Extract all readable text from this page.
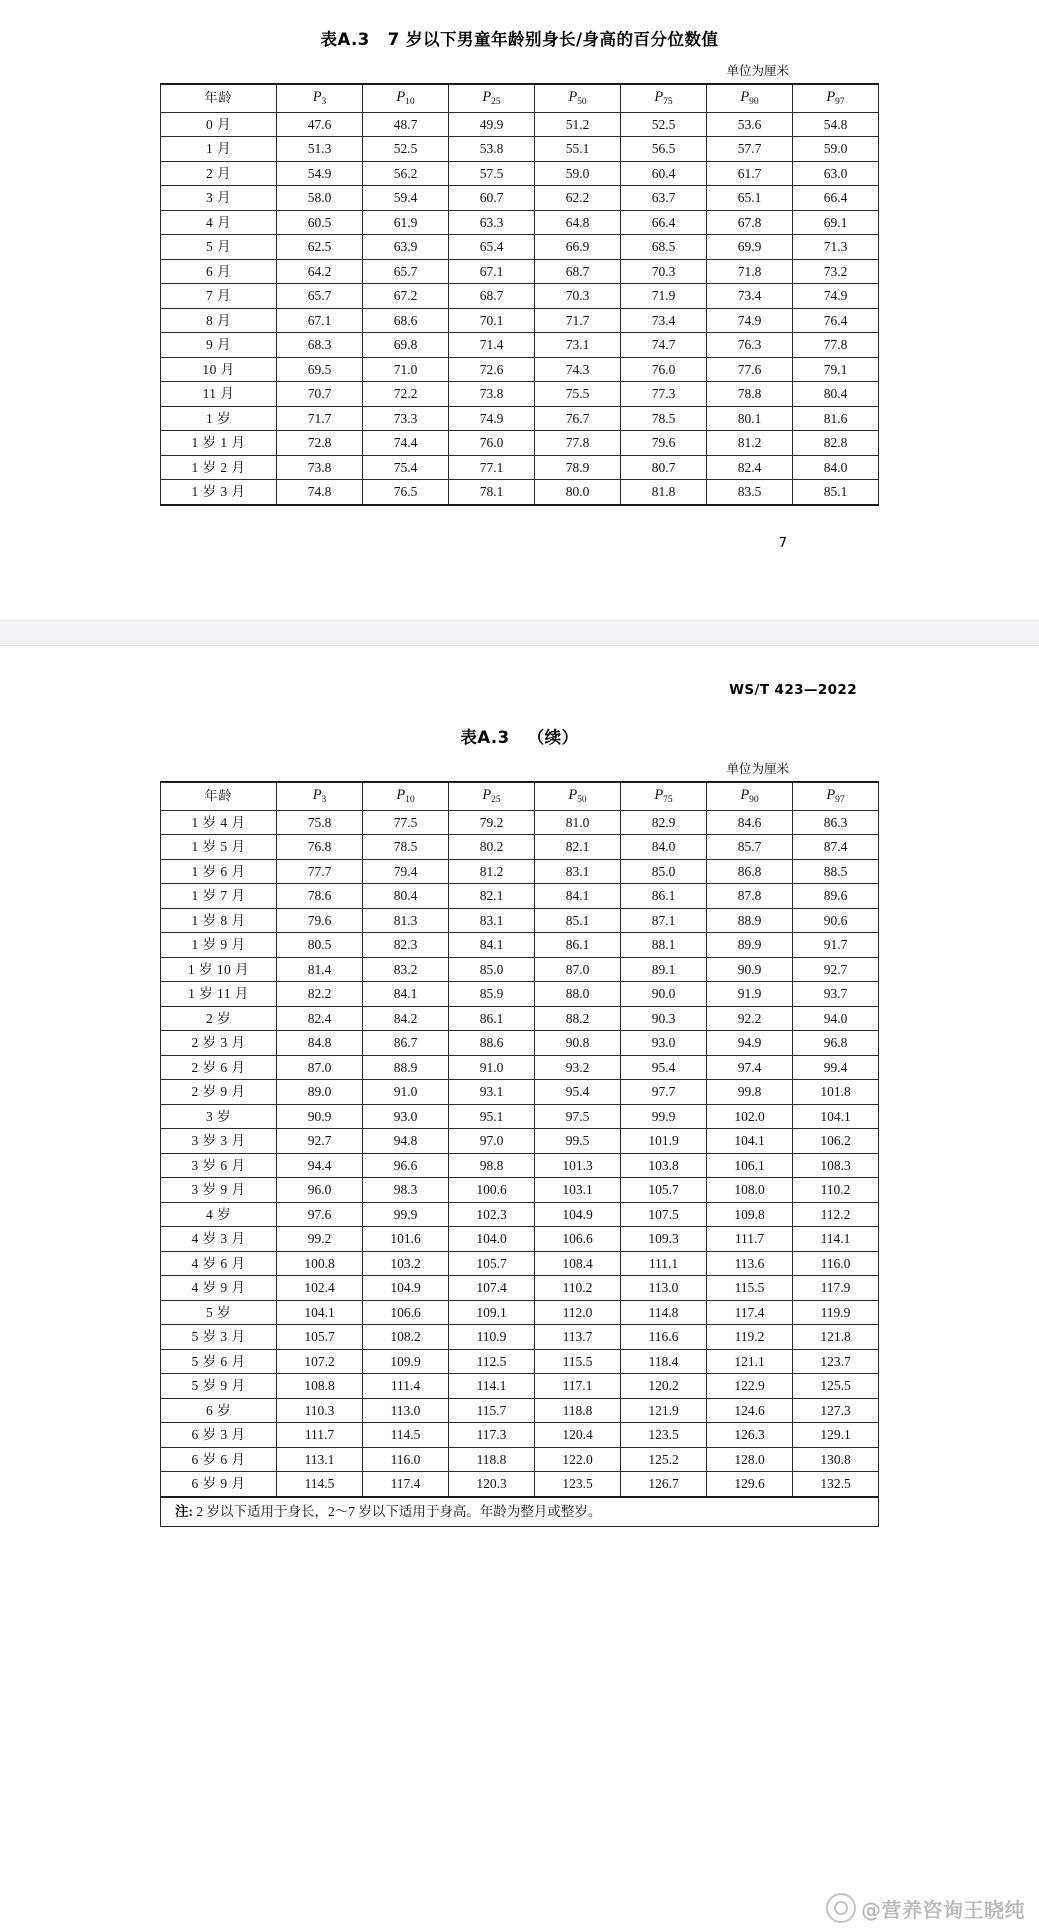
表A.3 7 岁以下男童年龄别身长/身高的百分位数值
单位为厘米
年龄	$P_3$	$P_{10}$	$P_{25}$	$P_{50}$	$P_{75}$	$P_{90}$	$P_{97}$
0 月	47.6	48.7	49.9	51.2	52.5	53.6	54.8
1 月	51.3	52.5	53.8	55.1	56.5	57.7	59.0
2 月	54.9	56.2	57.5	59.0	60.4	61.7	63.0
3 月	58.0	59.4	60.7	62.2	63.7	65.1	66.4
4 月	60.5	61.9	63.3	64.8	66.4	67.8	69.1
5 月	62.5	63.9	65.4	66.9	68.5	69.9	71.3
6 月	64.2	65.7	67.1	68.7	70.3	71.8	73.2
7 月	65.7	67.2	68.7	70.3	71.9	73.4	74.9
8 月	67.1	68.6	70.1	71.7	73.4	74.9	76.4
9 月	68.3	69.8	71.4	73.1	74.7	76.3	77.8
10 月	69.5	71.0	72.6	74.3	76.0	77.6	79.1
11 月	70.7	72.2	73.8	75.5	77.3	78.8	80.4
1 岁	71.7	73.3	74.9	76.7	78.5	80.1	81.6
1 岁 1 月	72.8	74.4	76.0	77.8	79.6	81.2	82.8
1 岁 2 月	73.8	75.4	77.1	78.9	80.7	82.4	84.0
1 岁 3 月	74.8	76.5	78.1	80.0	81.8	83.5	85.1
7
WS/T 423—2022
表A.3 （续）
单位为厘米
年龄	$P_3$	$P_{10}$	$P_{25}$	$P_{50}$	$P_{75}$	$P_{90}$	$P_{97}$
1 岁 4 月	75.8	77.5	79.2	81.0	82.9	84.6	86.3
1 岁 5 月	76.8	78.5	80.2	82.1	84.0	85.7	87.4
1 岁 6 月	77.7	79.4	81.2	83.1	85.0	86.8	88.5
1 岁 7 月	78.6	80.4	82.1	84.1	86.1	87.8	89.6
1 岁 8 月	79.6	81.3	83.1	85.1	87.1	88.9	90.6
1 岁 9 月	80.5	82.3	84.1	86.1	88.1	89.9	91.7
1 岁 10 月	81.4	83.2	85.0	87.0	89.1	90.9	92.7
1 岁 11 月	82.2	84.1	85.9	88.0	90.0	91.9	93.7
2 岁	82.4	84.2	86.1	88.2	90.3	92.2	94.0
2 岁 3 月	84.8	86.7	88.6	90.8	93.0	94.9	96.8
2 岁 6 月	87.0	88.9	91.0	93.2	95.4	97.4	99.4
2 岁 9 月	89.0	91.0	93.1	95.4	97.7	99.8	101.8
3 岁	90.9	93.0	95.1	97.5	99.9	102.0	104.1
3 岁 3 月	92.7	94.8	97.0	99.5	101.9	104.1	106.2
3 岁 6 月	94.4	96.6	98.8	101.3	103.8	106.1	108.3
3 岁 9 月	96.0	98.3	100.6	103.1	105.7	108.0	110.2
4 岁	97.6	99.9	102.3	104.9	107.5	109.8	112.2
4 岁 3 月	99.2	101.6	104.0	106.6	109.3	111.7	114.1
4 岁 6 月	100.8	103.2	105.7	108.4	111.1	113.6	116.0
4 岁 9 月	102.4	104.9	107.4	110.2	113.0	115.5	117.9
5 岁	104.1	106.6	109.1	112.0	114.8	117.4	119.9
5 岁 3 月	105.7	108.2	110.9	113.7	116.6	119.2	121.8
5 岁 6 月	107.2	109.9	112.5	115.5	118.4	121.1	123.7
5 岁 9 月	108.8	111.4	114.1	117.1	120.2	122.9	125.5
6 岁	110.3	113.0	115.7	118.8	121.9	124.6	127.3
6 岁 3 月	111.7	114.5	117.3	120.4	123.5	126.3	129.1
6 岁 6 月	113.1	116.0	118.8	122.0	125.2	128.0	130.8
6 岁 9 月	114.5	117.4	120.3	123.5	126.7	129.6	132.5
注: 2 岁以下适用于身长，2～7 岁以下适用于身高。年龄为整月或整岁。							
@营养咨询王晓纯
